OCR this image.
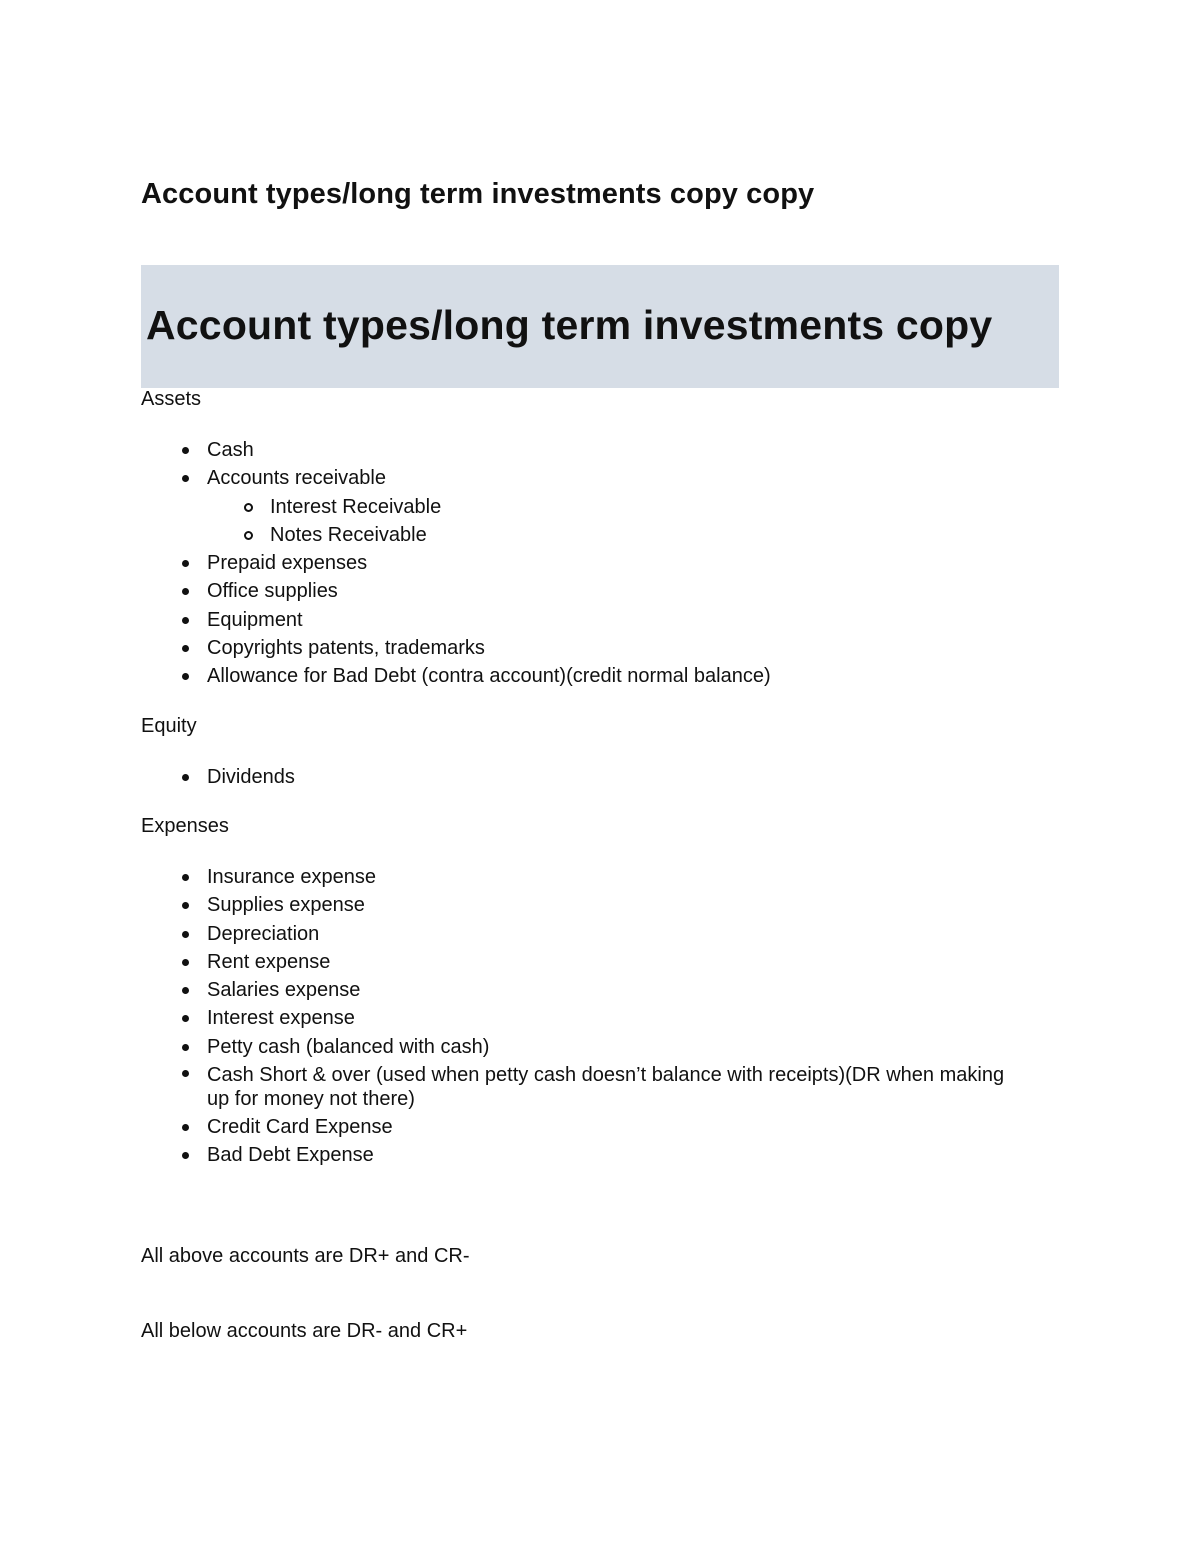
Account types/long term investments copy copy
Account types/long term investments copy

Assets

Cash
Accounts receivable
Interest Receivable
Notes Receivable
Prepaid expenses
Office supplies
Equipment
Copyrights patents, trademarks
Allowance for Bad Debt (contra account)(credit normal balance)

Equity

Dividends

Expenses

Insurance expense
Supplies expense
Depreciation
Rent expense
Salaries expense
Interest expense
Petty cash (balanced with cash)
Cash Short & over (used when petty cash doesn’t balance with receipts)(DR when making up for money not there)
Credit Card Expense
Bad Debt Expense

All above accounts are DR+ and CR-

All below accounts are DR- and CR+
